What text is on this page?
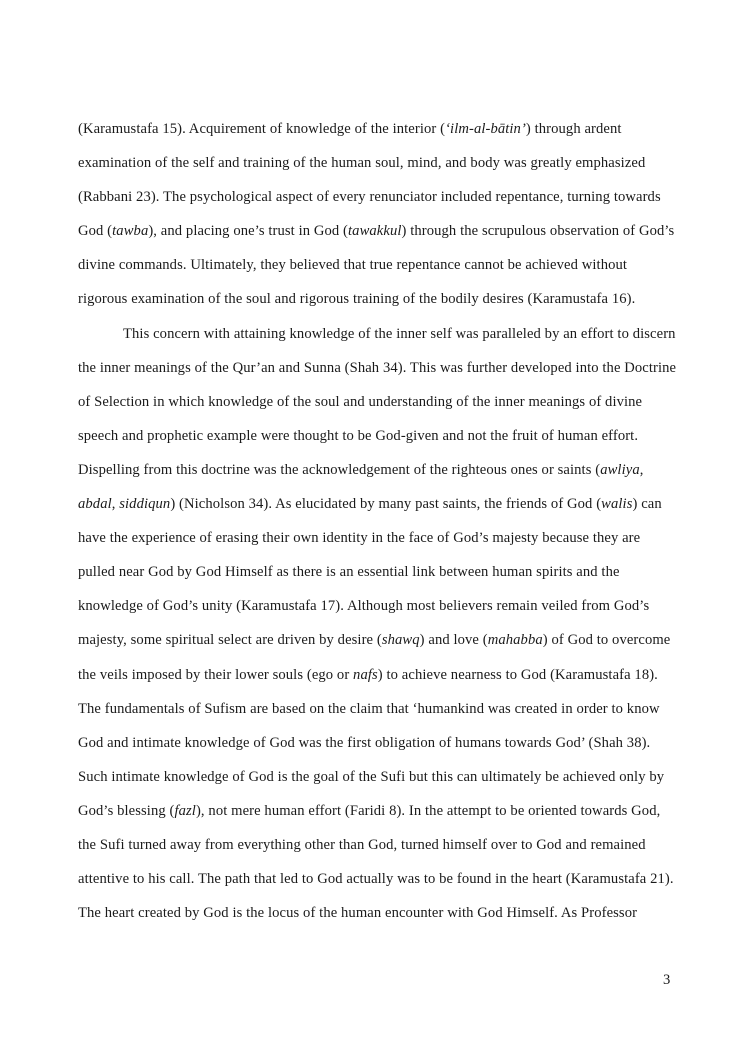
(Karamustafa 15). Acquirement of knowledge of the interior (‘ilm-al-bātin’) through ardent
examination of the self and training of the human soul, mind, and body was greatly emphasized
(Rabbani 23). The psychological aspect of every renunciator included repentance, turning towards
God (tawba), and placing one’s trust in God (tawakkul) through the scrupulous observation of God’s
divine commands. Ultimately, they believed that true repentance cannot be achieved without
rigorous examination of the soul and rigorous training of the bodily desires (Karamustafa 16).
This concern with attaining knowledge of the inner self was paralleled by an effort to discern
the inner meanings of the Qur’an and Sunna (Shah 34). This was further developed into the Doctrine
of Selection in which knowledge of the soul and understanding of the inner meanings of divine
speech and prophetic example were thought to be God-given and not the fruit of human effort.
Dispelling from this doctrine was the acknowledgement of the righteous ones or saints (awliya,
abdal, siddiqun) (Nicholson 34). As elucidated by many past saints, the friends of God (walis) can
have the experience of erasing their own identity in the face of God’s majesty because they are
pulled near God by God Himself as there is an essential link between human spirits and the
knowledge of God’s unity (Karamustafa 17). Although most believers remain veiled from God’s
majesty, some spiritual select are driven by desire (shawq) and love (mahabba) of God to overcome
the veils imposed by their lower souls (ego or nafs) to achieve nearness to God (Karamustafa 18).
The fundamentals of Sufism are based on the claim that ‘humankind was created in order to know
God and intimate knowledge of God was the first obligation of humans towards God’ (Shah 38).
Such intimate knowledge of God is the goal of the Sufi but this can ultimately be achieved only by
God’s blessing (fazl), not mere human effort (Faridi 8). In the attempt to be oriented towards God,
the Sufi turned away from everything other than God, turned himself over to God and remained
attentive to his call. The path that led to God actually was to be found in the heart (Karamustafa 21).
The heart created by God is the locus of the human encounter with God Himself. As Professor
3
